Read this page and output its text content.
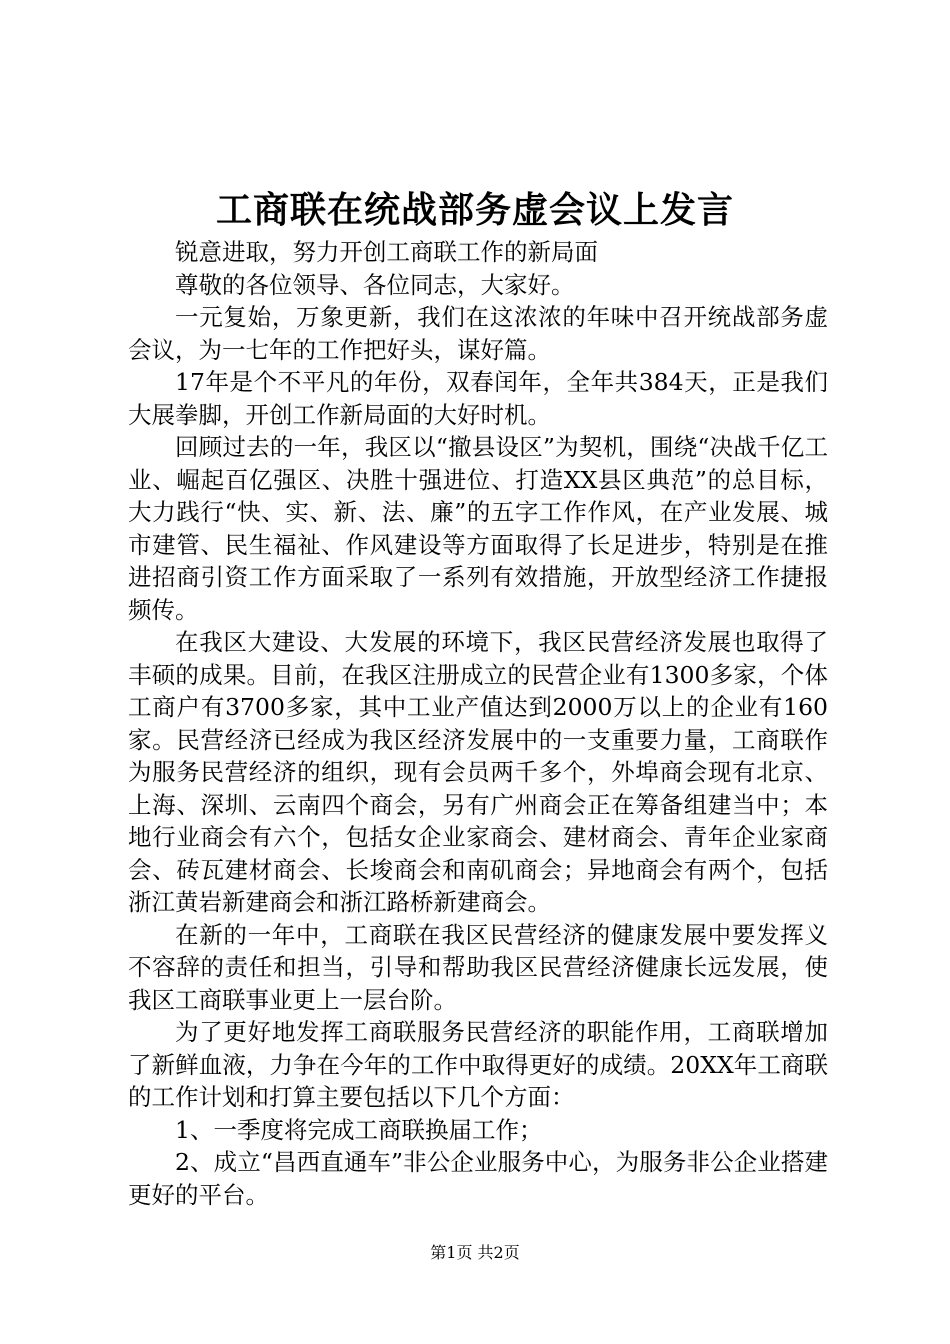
工商联在统战部务虚会议上发言

锐意进取，努力开创工商联工作的新局面

尊敬的各位领导、各位同志，大家好。

一元复始，万象更新，我们在这浓浓的年味中召开统战部务虚会议，为一七年的工作把好头，谋好篇。

17年是个不平凡的年份，双春闰年，全年共384天，正是我们大展拳脚，开创工作新局面的大好时机。

回顾过去的一年，我区以“撤县设区”为契机，围绕“决战千亿工业、崛起百亿强区、决胜十强进位、打造XX县区典范”的总目标，大力践行“快、实、新、法、廉”的五字工作作风，在产业发展、城市建管、民生福祉、作风建设等方面取得了长足进步，特别是在推进招商引资工作方面采取了一系列有效措施，开放型经济工作捷报频传。

在我区大建设、大发展的环境下，我区民营经济发展也取得了丰硕的成果。目前，在我区注册成立的民营企业有1300多家，个体工商户有3700多家，其中工业产值达到2000万以上的企业有160家。民营经济已经成为我区经济发展中的一支重要力量，工商联作为服务民营经济的组织，现有会员两千多个，外埠商会现有北京、上海、深圳、云南四个商会，另有广州商会正在筹备组建当中；本地行业商会有六个，包括女企业家商会、建材商会、青年企业家商会、砖瓦建材商会、长埈商会和南矶商会；异地商会有两个，包括浙江黄岩新建商会和浙江路桥新建商会。

在新的一年中，工商联在我区民营经济的健康发展中要发挥义不容辞的责任和担当，引导和帮助我区民营经济健康长远发展，使我区工商联事业更上一层台阶。

为了更好地发挥工商联服务民营经济的职能作用，工商联增加了新鲜血液，力争在今年的工作中取得更好的成绩。20XX年工商联的工作计划和打算主要包括以下几个方面：

1、一季度将完成工商联换届工作；

2、成立“昌西直通车”非公企业服务中心，为服务非公企业搭建更好的平台。

第1页 共2页
